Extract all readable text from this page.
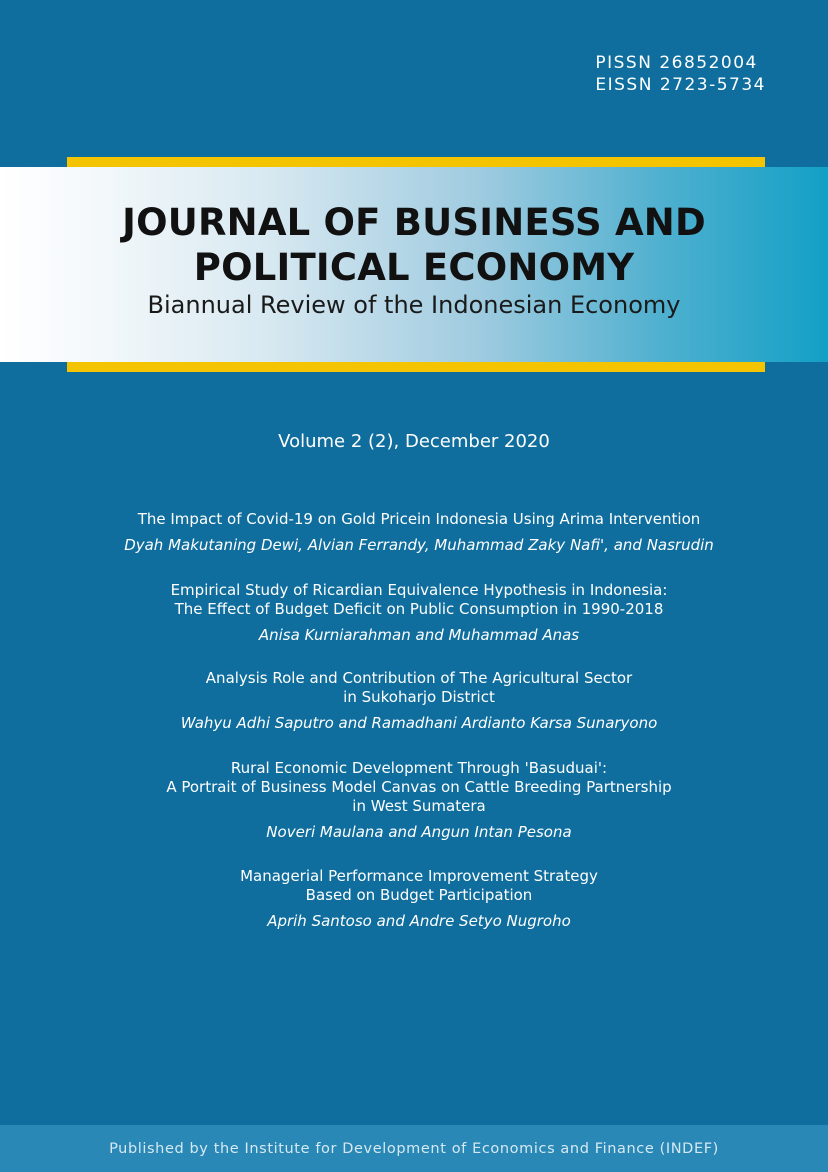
PISSN 26852004
EISSN 2723-5734
JOURNAL OF BUSINESS AND
POLITICAL ECONOMY
Biannual Review of the Indonesian Economy
Volume 2 (2), December 2020
The Impact of Covid-19 on Gold Pricein Indonesia Using Arima Intervention
Dyah Makutaning Dewi, Alvian Ferrandy, Muhammad Zaky Nafi', and Nasrudin
Empirical Study of Ricardian Equivalence Hypothesis in Indonesia:
The Effect of Budget Deficit on Public Consumption in 1990-2018
Anisa Kurniarahman and Muhammad Anas
Analysis Role and Contribution of The Agricultural Sector
in Sukoharjo District
Wahyu Adhi Saputro and Ramadhani Ardianto Karsa Sunaryono
Rural Economic Development Through 'Basuduai':
A Portrait of Business Model Canvas on Cattle Breeding Partnership
in West Sumatera
Noveri Maulana and Angun Intan Pesona
Managerial Performance Improvement Strategy
Based on Budget Participation
Aprih Santoso and Andre Setyo Nugroho
Published by the Institute for Development of Economics and Finance (INDEF)
